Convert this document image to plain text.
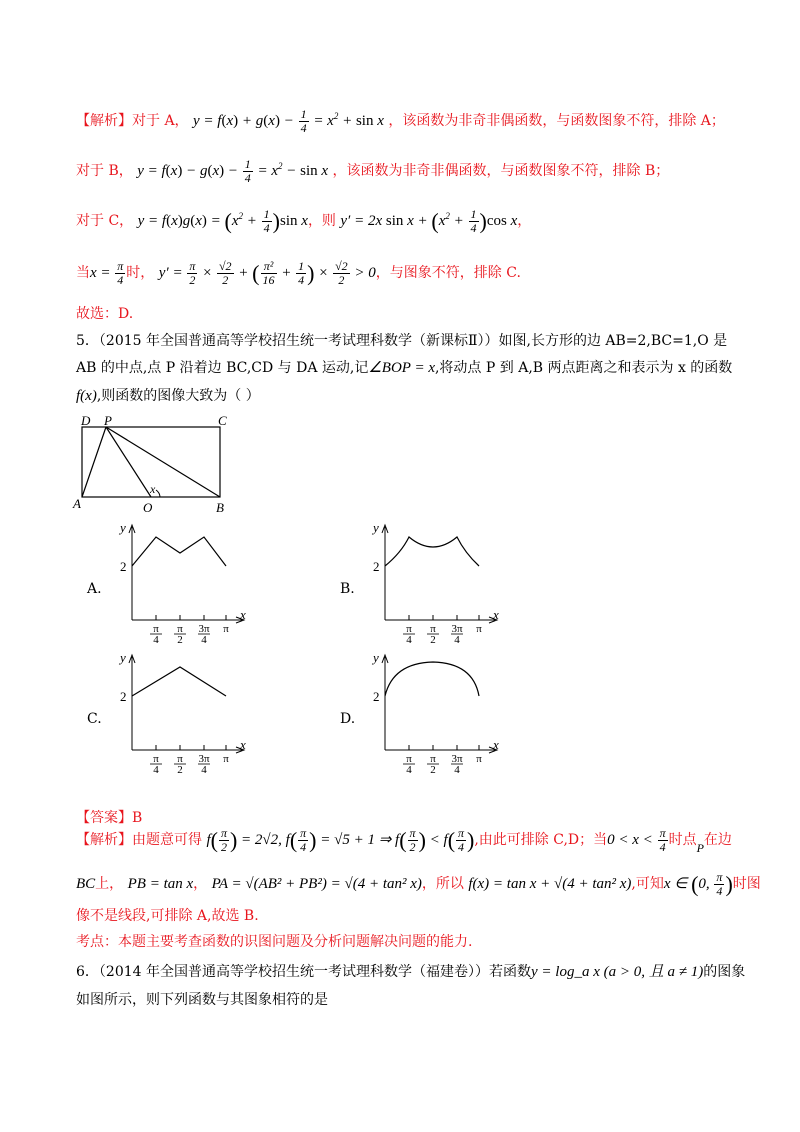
【解析】对于 A， $y = f(x) + g(x) - \frac{1}{4} = x^2 + \sin x$ ，该函数为非奇非偶函数，与函数图象不符，排除 A；
对于 B， $y = f(x) - g(x) - \frac{1}{4} = x^2 - \sin x$ ，该函数为非奇非偶函数，与函数图象不符，排除 B；
对于 C， $y = f(x)g(x) = (x^2 + \frac{1}{4} )\sin$ x，则 y′ = 2x $\sin x + (x^2 + \frac{1}{4} )\cos$ x，
当$x = \frac{\pi}{4}$ 时， $y' = \frac{\pi}{2} \times \frac{√2}{2}$ + ( $\frac{\text{π²}}{16} + \frac{1}{4}$ ) × $\frac{√2}{2} > 0$，与图象不符，排除 C.
故选：D.
5．（2015 年全国普通高等学校招生统一考试理科数学（新课标Ⅱ））如图,长方形的边 AB=2,BC=1,O 是
AB 的中点,点 P 沿着边 BC,CD 与 DA 运动,记∠BOP = x,将动点 P 到 A,B 两点距离之和表示为 x 的函数
f(x),则函数的图像大致为（ ）
D P	C
A	O	B
x
y
x
2
π
4
π
2
3π
4
π
A.
y
x
2
π
4
π
2
3π
4
π
B.
y
x
2
π
4
π
2
3π
4
π
C.
y
x
2
π
4
π
2
3π
4
π
D.
【答案】B
【解析】由题意可得 $f( \frac{\pi}{2}$ ) = 2√2, $f( \frac{\pi}{4}$ ) = √5 + 1 ⇒ $f( \frac{\pi}{2}$ ) < $f( \frac{\pi}{4}$ ),由此可排除 C,D；当$0 < x < \frac{\pi}{4}$ 时点P在边
BC上， PB = tan x， PA = √(AB² + PB²) = √(4 + tan² x)，所以 f(x) = tan x + √(4 + tan² x),可知x ∈ (0, $\frac{\pi}{4}$ )时图
像不是线段,可排除 A,故选 B.
考点：本题主要考查函数的识图问题及分析问题解决问题的能力.
6．（2014 年全国普通高等学校招生统一考试理科数学（福建卷））若函数y = log_a x (a > 0, 且 a ≠ 1)的图象
如图所示，则下列函数与其图象相符的是
